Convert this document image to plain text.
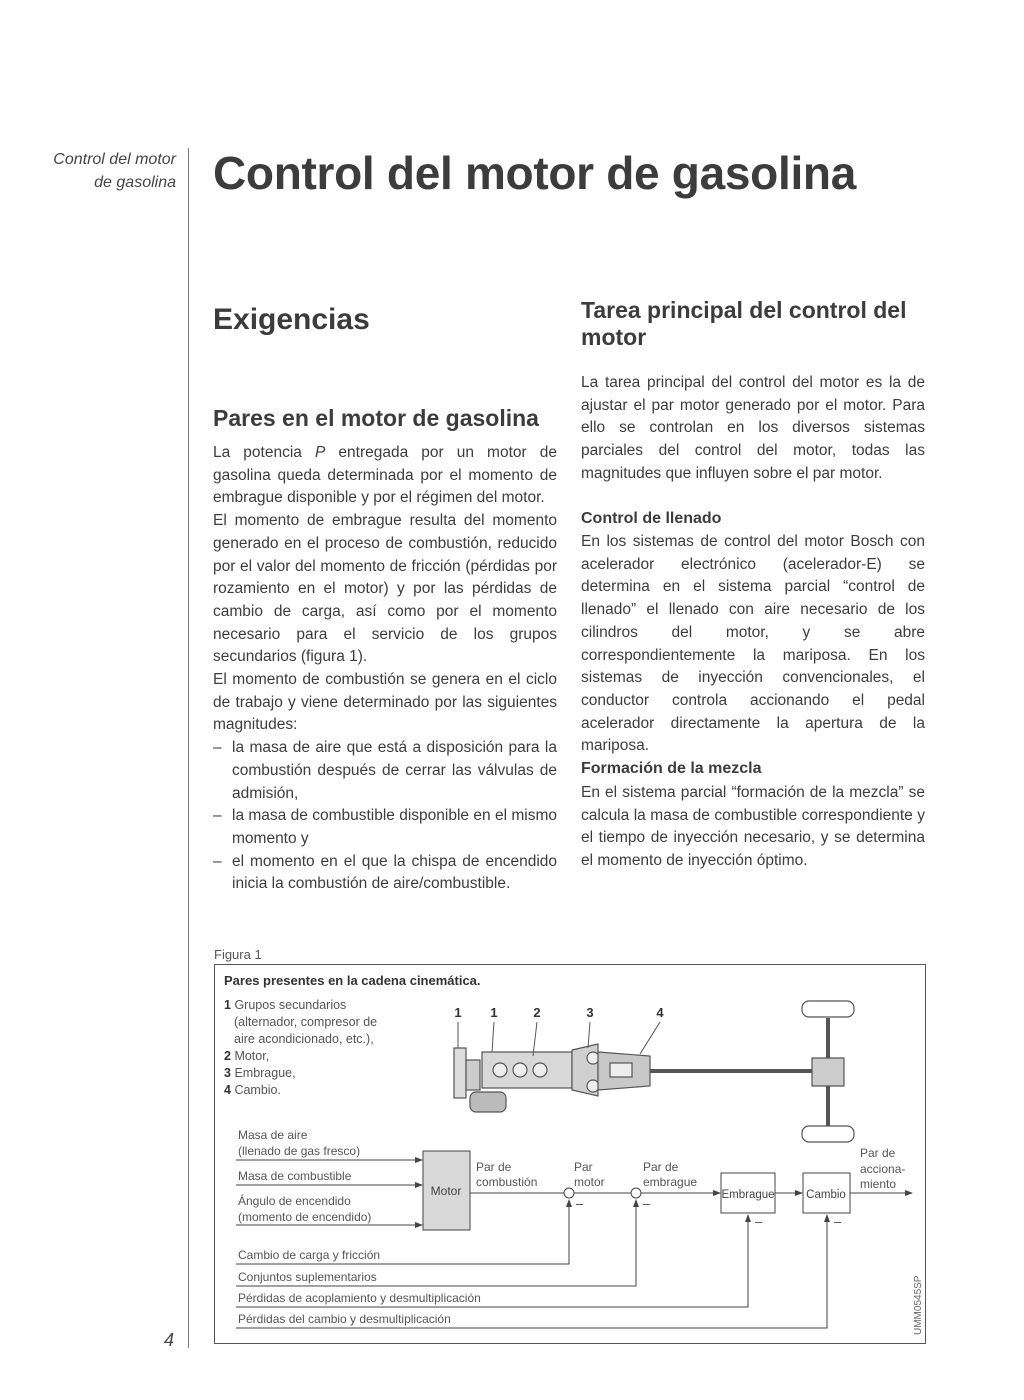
Control del motor de gasolina Control del motor de gasolina
Exigencias
Pares en el motor de gasolina

La potencia P entregada por un motor de gasolina queda determinada por el momento de embrague disponible y por el régimen del motor.

El momento de embrague resulta del momento generado en el proceso de combustión, reducido por el valor del momento de fricción (pérdidas por rozamiento en el motor) y por las pérdidas de cambio de carga, así como por el momento necesario para el servicio de los grupos secundarios (figura 1).

El momento de combustión se genera en el ciclo de trabajo y viene determinado por las siguientes magnitudes:

– la masa de aire que está a disposición para la combustión después de cerrar las válvulas de admisión,
– la masa de combustible disponible en el mismo momento y
– el momento en el que la chispa de encendido inicia la combustión de aire/combustible.
Tarea principal del control del motor

La tarea principal del control del motor es la de ajustar el par motor generado por el motor. Para ello se controlan en los diversos sistemas parciales del control del motor, todas las magnitudes que influyen sobre el par motor.

Control de llenado

En los sistemas de control del motor Bosch con acelerador electrónico (acelerador-E) se determina en el sistema parcial “control de llenado” el llenado con aire necesario de los cilindros del motor, y se abre correspondientemente la mariposa. En los sistemas de inyección convencionales, el conductor controla accionando el pedal acelerador directamente la apertura de la mariposa.

Formación de la mezcla

En el sistema parcial “formación de la mezcla” se calcula la masa de combustible correspondiente y el tiempo de inyección necesario, y se determina el momento de inyección óptimo.

Figura 1
Pares presentes en la cadena cinemática.
1 Grupos secundarios
(alternador, compresor de
aire acondicionado, etc.),
2 Motor,
3 Embrague,
4 Cambio.
1 1	2	3	4
Masa de aire
(llenado de gas fresco)
Masa de combustible
Ángulo de encendido
(momento de encendido)
Motor	Embrague	Cambio
Par de
combustión
Par
motor
Par de
embrague
Par de
acciona-
miento
–	–
–	–
Cambio de carga y fricción
Conjuntos suplementarios
Pérdidas de acoplamiento y desmultiplicación
Pérdidas del cambio y desmultiplicación	UMM0545SP
4
